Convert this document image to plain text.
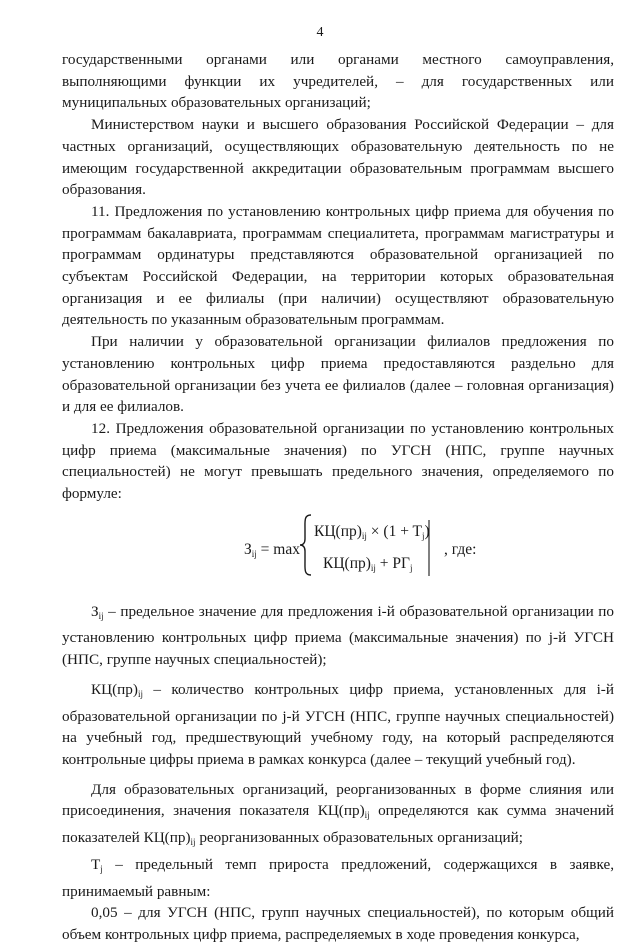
4

государственными органами или органами местного самоуправления, выполняющими функции их учредителей, – для государственных или муниципальных образовательных организаций;

Министерством науки и высшего образования Российской Федерации – для частных организаций, осуществляющих образовательную деятельность по не имеющим государственной аккредитации образовательным программам высшего образования.

11. Предложения по установлению контрольных цифр приема для обучения по программам бакалавриата, программам специалитета, программам магистратуры и программам ординатуры представляются образовательной организацией по субъектам Российской Федерации, на территории которых образовательная организация и ее филиалы (при наличии) осуществляют образовательную деятельность по указанным образовательным программам.

При наличии у образовательной организации филиалов предложения по установлению контрольных цифр приема предоставляются раздельно для образовательной организации без учета ее филиалов (далее – головная организация) и для ее филиалов.

12. Предложения образовательной организации по установлению контрольных цифр приема (максимальные значения) по УГСН (НПС, группе научных специальностей) не могут превышать предельного значения, определяемого по формуле:

$З_{ij} = \max$
$КЦ(пр)_{ij} \times (1 + T_j)$
$КЦ(пр)_{ij} + РГ_j$
, где:

$З_{ij}$ – предельное значение для предложения i-й образовательной организации по установлению контрольных цифр приема (максимальные значения) по j-й УГСН (НПС, группе научных специальностей);

$КЦ(пр)_{ij}$ – количество контрольных цифр приема, установленных для i-й образовательной организации по j-й УГСН (НПС, группе научных специальностей) на учебный год, предшествующий учебному году, на который распределяются контрольные цифры приема в рамках конкурса (далее – текущий учебный год).

Для образовательных организаций, реорганизованных в форме слияния или присоединения, значения показателя $КЦ(пр)_{ij}$ определяются как сумма значений показателей $КЦ(пр)_{ij}$ реорганизованных образовательных организаций;

$T_j$ – предельный темп прироста предложений, содержащихся в заявке, принимаемый равным:

0,05 – для УГСН (НПС, групп научных специальностей), по которым общий объем контрольных цифр приема, распределяемых в ходе проведения конкурса,
